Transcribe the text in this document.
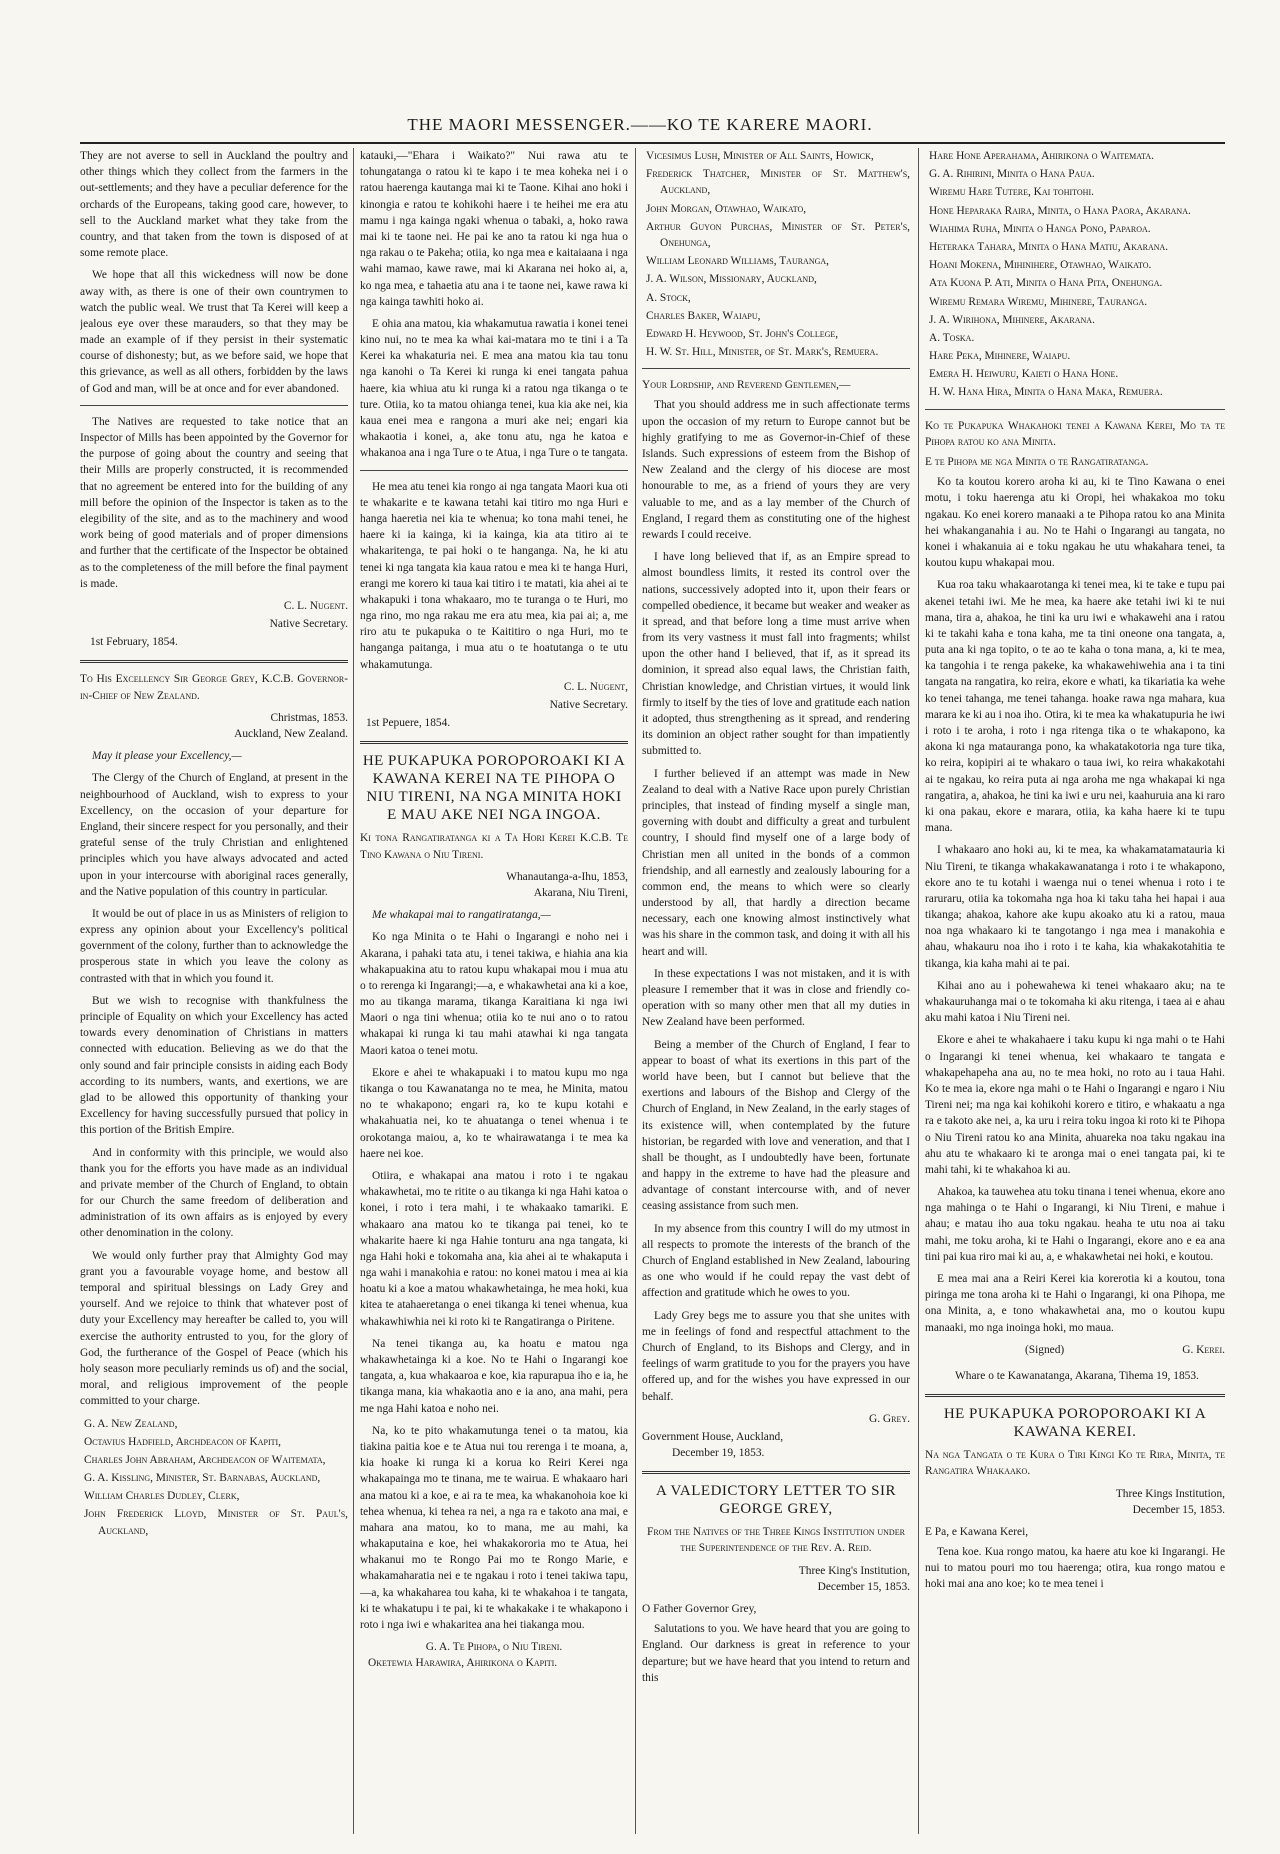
THE MAORI MESSENGER.——KO TE KARERE MAORI.

They are not averse to sell in Auckland the poultry and other things which they collect from the farmers in the out-settlements; and they have a peculiar deference for the orchards of the Europeans, taking good care, however, to sell to the Auckland market what they take from the country, and that taken from the town is disposed of at some remote place.

We hope that all this wickedness will now be done away with, as there is one of their own countrymen to watch the public weal. We trust that Ta Kerei will keep a jealous eye over these marauders, so that they may be made an example of if they persist in their systematic course of dishonesty; but, as we before said, we hope that this grievance, as well as all others, forbidden by the laws of God and man, will be at once and for ever abandoned.

The Natives are requested to take notice that an Inspector of Mills has been appointed by the Governor for the purpose of going about the country and seeing that their Mills are properly constructed, it is recommended that no agreement be entered into for the building of any mill before the opinion of the Inspector is taken as to the elegibility of the site, and as to the machinery and wood work being of good materials and of proper dimensions and further that the certificate of the Inspector be obtained as to the completeness of the mill before the final payment is made.

C. L. Nugent.
Native Secretary.
1st February, 1854.
To His Excellency Sir George Grey, K.C.B. Governor-in-Chief of New Zealand.
Christmas, 1853.
Auckland, New Zealand.

May it please your Excellency,—

The Clergy of the Church of England, at present in the neighbourhood of Auckland, wish to express to your Excellency, on the occasion of your departure for England, their sincere respect for you personally, and their grateful sense of the truly Christian and enlightened principles which you have always advocated and acted upon in your intercourse with aboriginal races generally, and the Native population of this country in particular.

It would be out of place in us as Ministers of religion to express any opinion about your Excellency's political government of the colony, further than to acknowledge the prosperous state in which you leave the colony as contrasted with that in which you found it.

But we wish to recognise with thankfulness the principle of Equality on which your Excellency has acted towards every denomination of Christians in matters connected with education. Believing as we do that the only sound and fair principle consists in aiding each Body according to its numbers, wants, and exertions, we are glad to be allowed this opportunity of thanking your Excellency for having successfully pursued that policy in this portion of the British Empire.

And in conformity with this principle, we would also thank you for the efforts you have made as an individual and private member of the Church of England, to obtain for our Church the same freedom of deliberation and administration of its own affairs as is enjoyed by every other denomination in the colony.

We would only further pray that Almighty God may grant you a favourable voyage home, and bestow all temporal and spiritual blessings on Lady Grey and yourself. And we rejoice to think that whatever post of duty your Excellency may hereafter be called to, you will exercise the authority entrusted to you, for the glory of God, the furtherance of the Gospel of Peace (which his holy season more peculiarly reminds us of) and the social, moral, and religious improvement of the people committed to your charge.

G. A. New Zealand,
Octavius Hadfield, Archdeacon of Kapiti,
Charles John Abraham, Archdeacon of Waitemata,
G. A. Kissling, Minister, St. Barnabas, Auckland,
William Charles Dudley, Clerk,
John Frederick Lloyd, Minister of St. Paul's, Auckland,

katauki,—"Ehara i Waikato?" Nui rawa atu te tohungatanga o ratou ki te kapo i te mea koheka nei i o ratou haerenga kautanga mai ki te Taone. Kihai ano hoki i kinongia e ratou te kohikohi haere i te heihei me era atu mamu i nga kainga ngaki whenua o tabaki, a, hoko rawa mai ki te taone nei. He pai ke ano ta ratou ki nga hua o nga rakau o te Pakeha; otiia, ko nga mea e kaitaiaana i nga wahi mamao, kawe rawe, mai ki Akarana nei hoko ai, a, ko nga mea, e tahaetia atu ana i te taone nei, kawe rawa ki nga kainga tawhiti hoko ai.

E ohia ana matou, kia whakamutua rawatia i konei tenei kino nui, no te mea ka whai kai-matara mo te tini i a Ta Kerei ka whakaturia nei. E mea ana matou kia tau tonu nga kanohi o Ta Kerei ki runga ki enei tangata pahua haere, kia whiua atu ki runga ki a ratou nga tikanga o te ture. Otiia, ko ta matou ohianga tenei, kua kia ake nei, kia kaua enei mea e rangona a muri ake nei; engari kia whakaotia i konei, a, ake tonu atu, nga he katoa e whakanoa ana i nga Ture o te Atua, i nga Ture o te tangata.

He mea atu tenei kia rongo ai nga tangata Maori kua oti te whakarite e te kawana tetahi kai titiro mo nga Huri e hanga haeretia nei kia te whenua; ko tona mahi tenei, he haere ki ia kainga, ki ia kainga, kia ata titiro ai te whakaritenga, te pai hoki o te hanganga. Na, he ki atu tenei ki nga tangata kia kaua ratou e mea ki te hanga Huri, erangi me korero ki taua kai titiro i te matati, kia ahei ai te whakapuki i tona whakaaro, mo te turanga o te Huri, mo nga rino, mo nga rakau me era atu mea, kia pai ai; a, me riro atu te pukapuka o te Kaititiro o nga Huri, mo te hanganga paitanga, i mua atu o te hoatutanga o te utu whakamutunga.

C. L. Nugent,
Native Secretary.
1st Pepuere, 1854.
HE PUKAPUKA POROPOROAKI KI A KAWANA KEREI NA TE PIHOPA O NIU TIRENI, NA NGA MINITA HOKI E MAU AKE NEI NGA INGOA.
Ki tona Rangatiratanga ki a Ta Hori Kerei K.C.B. Te Tino Kawana o Niu Tireni.
Whanautanga-a-Ihu, 1853,
Akarana, Niu Tireni,

Me whakapai mai to rangatiratanga,—

Ko nga Minita o te Hahi o Ingarangi e noho nei i Akarana, i pahaki tata atu, i tenei takiwa, e hiahia ana kia whakapuakina atu to ratou kupu whakapai mou i mua atu o to rerenga ki Ingarangi;—a, e whakawhetai ana ki a koe, mo au tikanga marama, tikanga Karaitiana ki nga iwi Maori o nga tini whenua; otiia ko te nui ano o to ratou whakapai ki runga ki tau mahi atawhai ki nga tangata Maori katoa o tenei motu.

Ekore e ahei te whakapuaki i to matou kupu mo nga tikanga o tou Kawanatanga no te mea, he Minita, matou no te whakapono; engari ra, ko te kupu kotahi e whakahuatia nei, ko te ahuatanga o tenei whenua i te orokotanga maiou, a, ko te whairawatanga i te mea ka haere nei koe.

Otiira, e whakapai ana matou i roto i te ngakau whakawhetai, mo te ritite o au tikanga ki nga Hahi katoa o konei, i roto i tera mahi, i te whakaako tamariki. E whakaaro ana matou ko te tikanga pai tenei, ko te whakarite haere ki nga Hahie tonturu ana nga tangata, ki nga Hahi hoki e tokomaha ana, kia ahei ai te whakaputa i nga wahi i manakohia e ratou: no konei matou i mea ai kia hoatu ki a koe a matou whakawhetainga, he mea hoki, kua kitea te atahaeretanga o enei tikanga ki tenei whenua, kua whakawhiwhia nei ki roto ki te Rangatiranga o Piritene.

Na tenei tikanga au, ka hoatu e matou nga whakawhetainga ki a koe. No te Hahi o Ingarangi koe tangata, a, kua whakaaroa e koe, kia rapurapua iho e ia, he tikanga mana, kia whakaotia ano e ia ano, ana mahi, pera me nga Hahi katoa e noho nei.

Na, ko te pito whakamutunga tenei o ta matou, kia tiakina paitia koe e te Atua nui tou rerenga i te moana, a, kia hoake ki runga ki a korua ko Reiri Kerei nga whakapainga mo te tinana, me te wairua. E whakaaro hari ana matou ki a koe, e ai ra te mea, ka whakanohoia koe ki tehea whenua, ki tehea ra nei, a nga ra e takoto ana mai, e mahara ana matou, ko to mana, me au mahi, ka whakaputaina e koe, hei whakakororia mo te Atua, hei whakanui mo te Rongo Pai mo te Rongo Marie, e whakamaharatia nei e te ngakau i roto i tenei takiwa tapu,—a, ka whakaharea tou kaha, ki te whakahoa i te tangata, ki te whakatupu i te pai, ki te whakakake i te whakapono i roto i nga iwi e whakaritea ana hei tiakanga mou.

G. A. Te Pihopa, o Niu Tireni.
Oketewia Harawira, Ahirikona o Kapiti.
Vicesimus Lush, Minister of All Saints, Howick,
Frederick Thatcher, Minister of St. Matthew's, Auckland,
John Morgan, Otawhao, Waikato,
Arthur Guyon Purchas, Minister of St. Peter's, Onehunga,
William Leonard Williams, Tauranga,
J. A. Wilson, Missionary, Auckland,
A. Stock,
Charles Baker, Waiapu,
Edward H. Heywood, St. John's College,
H. W. St. Hill, Minister, of St. Mark's, Remuera.
Your Lordship, and Reverend Gentlemen,—

That you should address me in such affectionate terms upon the occasion of my return to Europe cannot but be highly gratifying to me as Governor-in-Chief of these Islands. Such expressions of esteem from the Bishop of New Zealand and the clergy of his diocese are most honourable to me, as a friend of yours they are very valuable to me, and as a lay member of the Church of England, I regard them as constituting one of the highest rewards I could receive.

I have long believed that if, as an Empire spread to almost boundless limits, it rested its control over the nations, successively adopted into it, upon their fears or compelled obedience, it became but weaker and weaker as it spread, and that before long a time must arrive when from its very vastness it must fall into fragments; whilst upon the other hand I believed, that if, as it spread its dominion, it spread also equal laws, the Christian faith, Christian knowledge, and Christian virtues, it would link firmly to itself by the ties of love and gratitude each nation it adopted, thus strengthening as it spread, and rendering its dominion an object rather sought for than impatiently submitted to.

I further believed if an attempt was made in New Zealand to deal with a Native Race upon purely Christian principles, that instead of finding myself a single man, governing with doubt and difficulty a great and turbulent country, I should find myself one of a large body of Christian men all united in the bonds of a common friendship, and all earnestly and zealously labouring for a common end, the means to which were so clearly understood by all, that hardly a direction became necessary, each one knowing almost instinctively what was his share in the common task, and doing it with all his heart and will.

In these expectations I was not mistaken, and it is with pleasure I remember that it was in close and friendly co-operation with so many other men that all my duties in New Zealand have been performed.

Being a member of the Church of England, I fear to appear to boast of what its exertions in this part of the world have been, but I cannot but believe that the exertions and labours of the Bishop and Clergy of the Church of England, in New Zealand, in the early stages of its existence will, when contemplated by the future historian, be regarded with love and veneration, and that I shall be thought, as I undoubtedly have been, fortunate and happy in the extreme to have had the pleasure and advantage of constant intercourse with, and of never ceasing assistance from such men.

In my absence from this country I will do my utmost in all respects to promote the interests of the branch of the Church of England established in New Zealand, labouring as one who would if he could repay the vast debt of affection and gratitude which he owes to you.

Lady Grey begs me to assure you that she unites with me in feelings of fond and respectful attachment to the Church of England, to its Bishops and Clergy, and in feelings of warm gratitude to you for the prayers you have offered up, and for the wishes you have expressed in our behalf.

G. Grey.
Government House, Auckland,
December 19, 1853.
A VALEDICTORY LETTER TO SIR GEORGE GREY,
From the Natives of the Three Kings Institution under the Superintendence of the Rev. A. Reid.
Three King's Institution,
December 15, 1853.
O Father Governor Grey,

Salutations to you. We have heard that you are going to England. Our darkness is great in reference to your departure; but we have heard that you intend to return and this

Hare Hone Aperahama, Ahirikona o Waitemata.
G. A. Rihirini, Minita o Hana Paua.
Wiremu Hare Tutere, Kai tohitohi.
Hone Heparaka Raira, Minita, o Hana Paora, Akarana.
Wiahima Ruha, Minita o Hanga Pono, Paparoa.
Heteraka Tahara, Minita o Hana Matiu, Akarana.
Hoani Mokena, Mihinihere, Otawhao, Waikato.
Ata Kuona P. Ati, Minita o Hana Pita, Onehunga.
Wiremu Remara Wiremu, Mihinere, Tauranga.
J. A. Wirihona, Mihinere, Akarana.
A. Toska.
Hare Peka, Mihinere, Waiapu.
Emera H. Heiwuru, Kaieti o Hana Hone.
H. W. Hana Hira, Minita o Hana Maka, Remuera.
Ko te Pukapuka Whakahoki tenei a Kawana Kerei, Mo ta te Pihopa ratou ko ana Minita.
E te Pihopa me nga Minita o te Rangatiratanga.

Ko ta koutou korero aroha ki au, ki te Tino Kawana o enei motu, i toku haerenga atu ki Oropi, hei whakakoa mo toku ngakau. Ko enei korero manaaki a te Pihopa ratou ko ana Minita hei whakanganahia i au. No te Hahi o Ingarangi au tangata, no konei i whakanuia ai e toku ngakau he utu whakahara tenei, ta koutou kupu whakapai mou.

Kua roa taku whakaarotanga ki tenei mea, ki te take e tupu pai akenei tetahi iwi. Me he mea, ka haere ake tetahi iwi ki te nui mana, tira a, ahakoa, he tini ka uru iwi e whakawehi ana i ratou ki te takahi kaha e tona kaha, me ta tini oneone ona tangata, a, puta ana ki nga topito, o te ao te kaha o tona mana, a, ki te mea, ka tangohia i te renga pakeke, ka whakawehiwehia ana i ta tini tangata na rangatira, ko reira, ekore e whati, ka tikariatia ka wehe ko tenei tahanga, me tenei tahanga. hoake rawa nga mahara, kua marara ke ki au i noa iho. Otira, ki te mea ka whakatupuria he iwi i roto i te aroha, i roto i nga ritenga tika o te whakapono, ka akona ki nga matauranga pono, ka whakatakotoria nga ture tika, ko reira, kopipiri ai te whakaro o taua iwi, ko reira whakakotahi ai te ngakau, ko reira puta ai nga aroha me nga whakapai ki nga rangatira, a, ahakoa, he tini ka iwi e uru nei, kaahuruia ana ki raro ki ona pakau, ekore e marara, otiia, ka kaha haere ki te tupu mana.

I whakaaro ano hoki au, ki te mea, ka whakamatamatauria ki Niu Tireni, te tikanga whakakawanatanga i roto i te whakapono, ekore ano te tu kotahi i waenga nui o tenei whenua i roto i te raruraru, otiia ka tokomaha nga hoa ki taku taha hei hapai i aua tikanga; ahakoa, kahore ake kupu akoako atu ki a ratou, maua noa nga whakaaro ki te tangotango i nga mea i manakohia e ahau, whakauru noa iho i roto i te kaha, kia whakakotahitia te tikanga, kia kaha mahi ai te pai.

Kihai ano au i pohewahewa ki tenei whakaaro aku; na te whakauruhanga mai o te tokomaha ki aku ritenga, i taea ai e ahau aku mahi katoa i Niu Tireni nei.

Ekore e ahei te whakahaere i taku kupu ki nga mahi o te Hahi o Ingarangi ki tenei whenua, kei whakaaro te tangata e whakapehapeha ana au, no te mea hoki, no roto au i taua Hahi. Ko te mea ia, ekore nga mahi o te Hahi o Ingarangi e ngaro i Niu Tireni nei; ma nga kai kohikohi korero e titiro, e whakaatu a nga ra e takoto ake nei, a, ka uru i reira toku ingoa ki roto ki te Pihopa o Niu Tireni ratou ko ana Minita, ahuareka noa taku ngakau ina ahu atu te whakaaro ki te aronga mai o enei tangata pai, ki te mahi tahi, ki te whakahoa ki au.

Ahakoa, ka tauwehea atu toku tinana i tenei whenua, ekore ano nga mahinga o te Hahi o Ingarangi, ki Niu Tireni, e mahue i ahau; e matau iho aua toku ngakau. heaha te utu noa ai taku mahi, me toku aroha, ki te Hahi o Ingarangi, ekore ano e ea ana tini pai kua riro mai ki au, a, e whakawhetai nei hoki, e koutou.

E mea mai ana a Reiri Kerei kia korerotia ki a koutou, tona piringa me tona aroha ki te Hahi o Ingarangi, ki ona Pihopa, me ona Minita, a, e tono whakawhetai ana, mo o koutou kupu manaaki, mo nga inoinga hoki, mo maua.

(Signed)	G. Kerei.
Whare o te Kawanatanga, Akarana, Tihema 19, 1853.
HE PUKAPUKA POROPOROAKI KI A KAWANA KEREI.
Na nga Tangata o te Kura o Tiri Kingi Ko te Rira, Minita, te Rangatira Whakaako.
Three Kings Institution,
December 15, 1853.
E Pa, e Kawana Kerei,

Tena koe. Kua rongo matou, ka haere atu koe ki Ingarangi. He nui to matou pouri mo tou haerenga; otira, kua rongo matou e hoki mai ana ano koe; ko te mea tenei i
